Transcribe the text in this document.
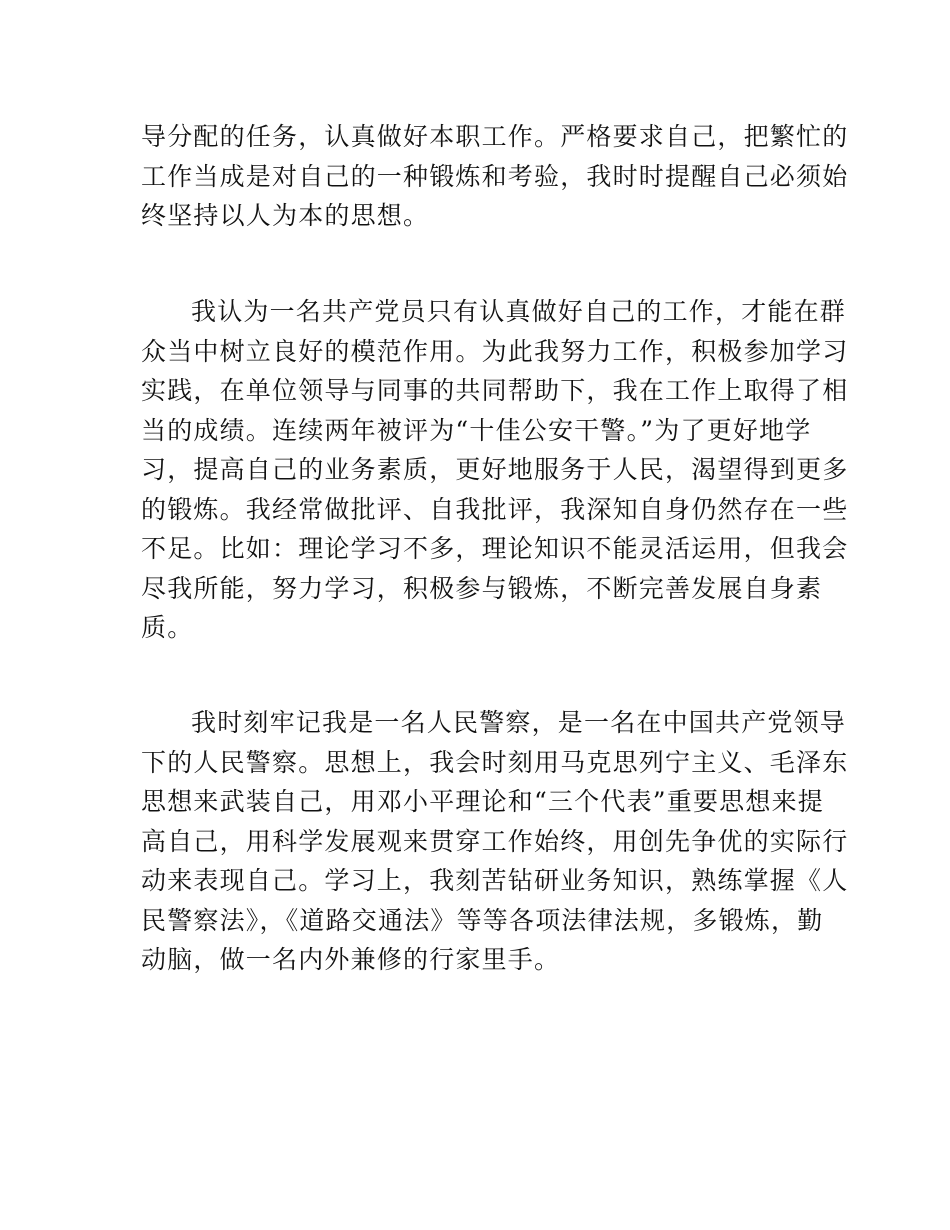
导分配的任务，认真做好本职工作。严格要求自己，把繁忙的
工作当成是对自己的一种锻炼和考验，我时时提醒自己必须始
终坚持以人为本的思想。
我认为一名共产党员只有认真做好自己的工作，才能在群
众当中树立良好的模范作用。为此我努力工作，积极参加学习
实践，在单位领导与同事的共同帮助下，我在工作上取得了相
当的成绩。连续两年被评为“十佳公安干警。”为了更好地学
习，提高自己的业务素质，更好地服务于人民，渴望得到更多
的锻炼。我经常做批评、自我批评，我深知自身仍然存在一些
不足。比如：理论学习不多，理论知识不能灵活运用，但我会
尽我所能，努力学习，积极参与锻炼，不断完善发展自身素
质。
我时刻牢记我是一名人民警察，是一名在中国共产党领导
下的人民警察。思想上，我会时刻用马克思列宁主义、毛泽东
思想来武装自己，用邓小平理论和“三个代表”重要思想来提
高自己，用科学发展观来贯穿工作始终，用创先争优的实际行
动来表现自己。学习上，我刻苦钻研业务知识，熟练掌握《人
民警察法》，《道路交通法》等等各项法律法规，多锻炼，勤
动脑，做一名内外兼修的行家里手。
